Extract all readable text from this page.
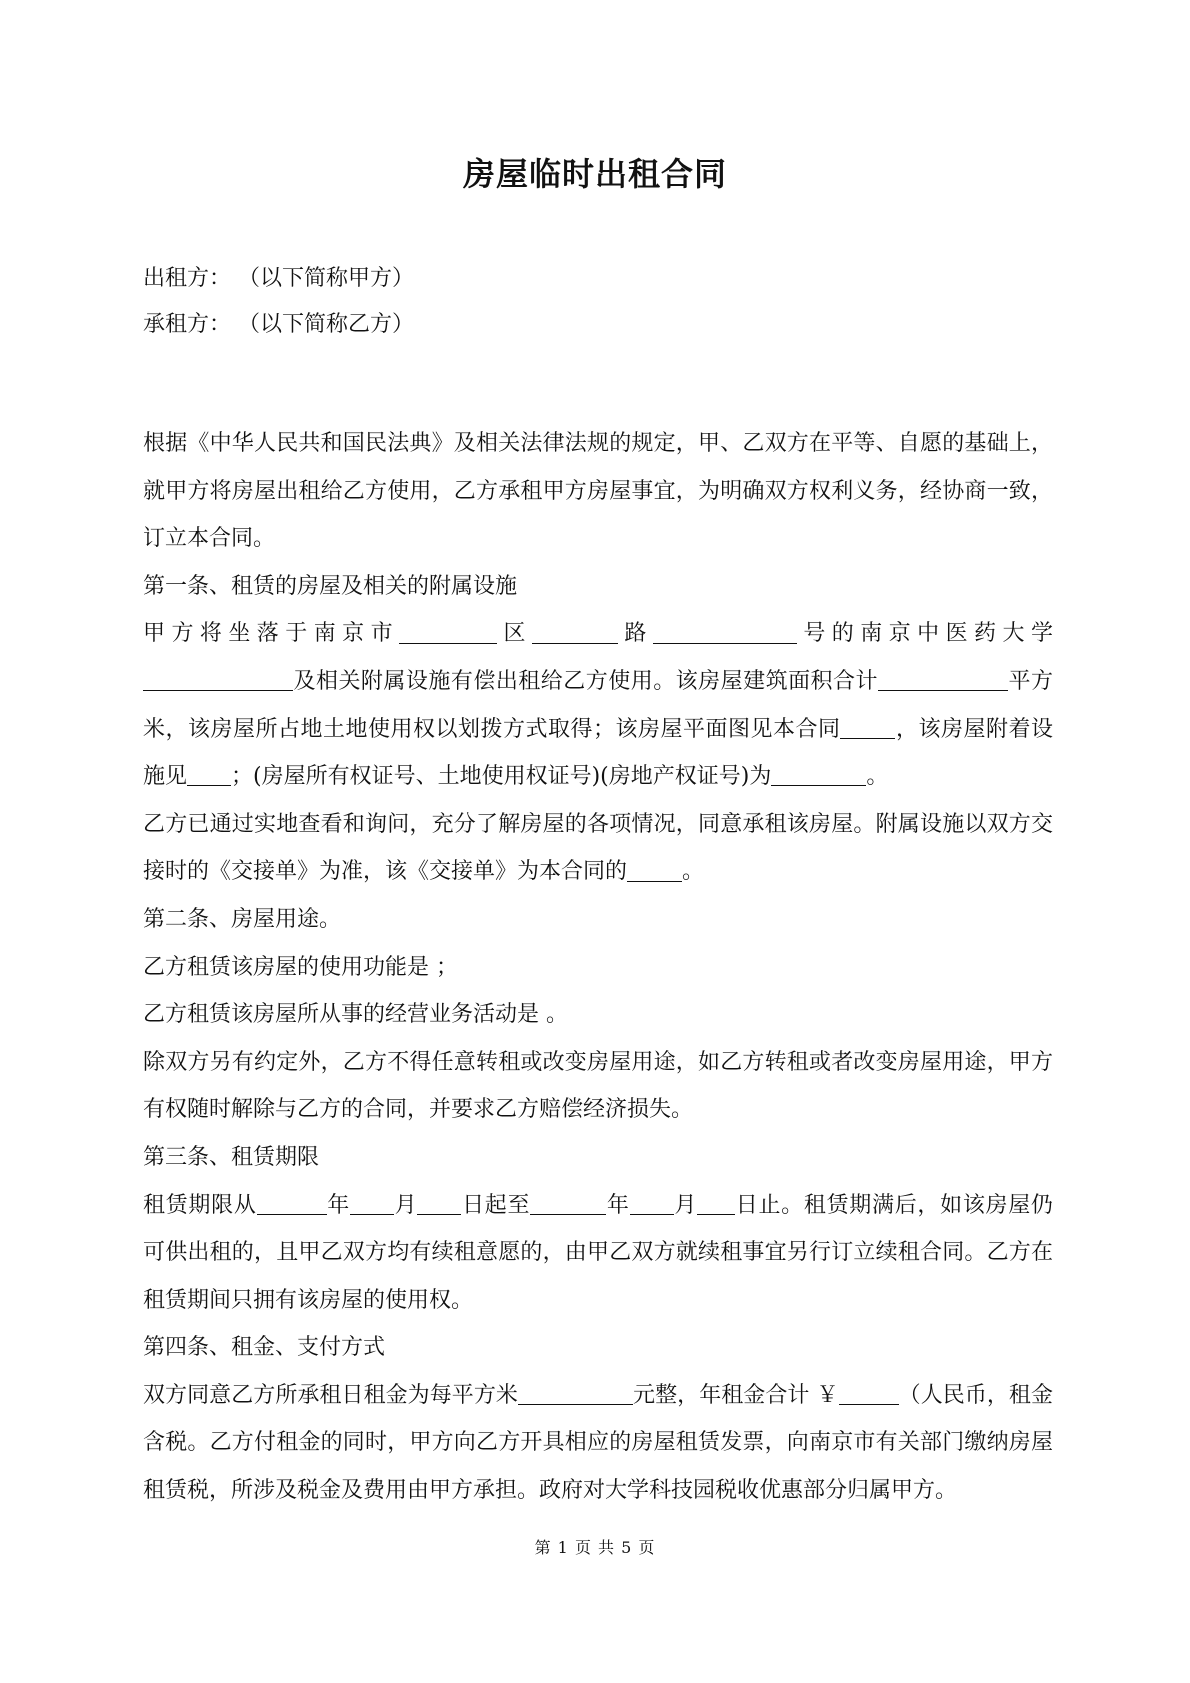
房屋临时出租合同
出租方： （以下简称甲方）
承租方： （以下简称乙方）

根据《中华人民共和国民法典》及相关法律法规的规定，甲、乙双方在平等、自愿的基础上，就甲方将房屋出租给乙方使用，乙方承租甲方房屋事宜，为明确双方权利义务，经协商一致，订立本合同。

第一条、租赁的房屋及相关的附属设施

甲方将坐落于南京市	区	路	号的南京中医药大学及相关附属设施有偿出租给乙方使用。该房屋建筑面积合计	平方米，该房屋所占地土地使用权以划拨方式取得；该房屋平面图见本合同	，该房屋附着设施见 ；(房屋所有权证号、土地使用权证号)(房地产权证号)为	。

乙方已通过实地查看和询问，充分了解房屋的各项情况，同意承租该房屋。附属设施以双方交接时的《交接单》为准，该《交接单》为本合同的	。

第二条、房屋用途。

乙方租赁该房屋的使用功能是 ；

乙方租赁该房屋所从事的经营业务活动是 。

除双方另有约定外，乙方不得任意转租或改变房屋用途，如乙方转租或者改变房屋用途，甲方有权随时解除与乙方的合同，并要求乙方赔偿经济损失。

第三条、租赁期限

租赁期限从	年 月 日起至	年 月 日止。租赁期满后，如该房屋仍可供出租的，且甲乙双方均有续租意愿的，由甲乙双方就续租事宜另行订立续租合同。乙方在租赁期间只拥有该房屋的使用权。

第四条、租金、支付方式

双方同意乙方所承租日租金为每平方米	元整，年租金合计 ￥	（人民币，租金含税。乙方付租金的同时，甲方向乙方开具相应的房屋租赁发票，向南京市有关部门缴纳房屋租赁税，所涉及税金及费用由甲方承担。政府对大学科技园税收优惠部分归属甲方。

第 1 页 共 5 页
